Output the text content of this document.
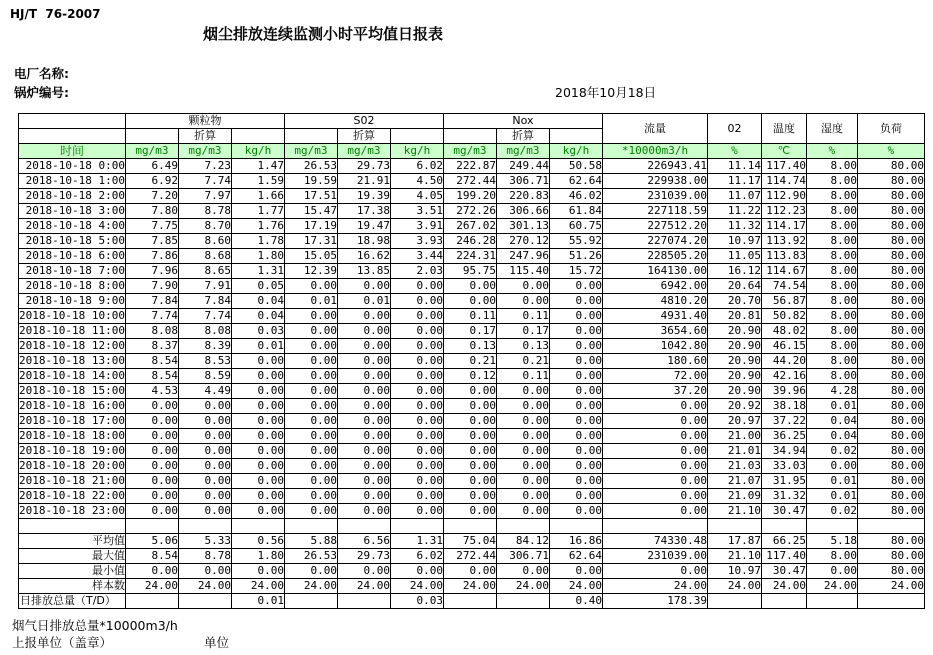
HJ/T  76-2007
烟尘排放连续监测小时平均值日报表
电厂名称:
锅炉编号:	2018年10月18日
	颗粒物			S02			Nox			流量	02	温度	湿度	负荷
		折算			折算			折算						
时间	mg/m3	mg/m3	kg/h	mg/m3	mg/m3	kg/h	mg/m3	mg/m3	kg/h	*10000m3/h	%	℃	%	%
2018-10-18 0:00	6.49	7.23	1.47	26.53	29.73	6.02	222.87	249.44	50.58	226943.41	11.14	117.40	8.00	80.00
2018-10-18 1:00	6.92	7.74	1.59	19.59	21.91	4.50	272.44	306.71	62.64	229938.00	11.17	114.74	8.00	80.00
2018-10-18 2:00	7.20	7.97	1.66	17.51	19.39	4.05	199.20	220.83	46.02	231039.00	11.07	112.90	8.00	80.00
2018-10-18 3:00	7.80	8.78	1.77	15.47	17.38	3.51	272.26	306.66	61.84	227118.59	11.22	112.23	8.00	80.00
2018-10-18 4:00	7.75	8.70	1.76	17.19	19.47	3.91	267.02	301.13	60.75	227512.20	11.32	114.17	8.00	80.00
2018-10-18 5:00	7.85	8.60	1.78	17.31	18.98	3.93	246.28	270.12	55.92	227074.20	10.97	113.92	8.00	80.00
2018-10-18 6:00	7.86	8.68	1.80	15.05	16.62	3.44	224.31	247.96	51.26	228505.20	11.05	113.83	8.00	80.00
2018-10-18 7:00	7.96	8.65	1.31	12.39	13.85	2.03	95.75	115.40	15.72	164130.00	16.12	114.67	8.00	80.00
2018-10-18 8:00	7.90	7.91	0.05	0.00	0.00	0.00	0.00	0.00	0.00	6942.00	20.64	74.54	8.00	80.00
2018-10-18 9:00	7.84	7.84	0.04	0.01	0.01	0.00	0.00	0.00	0.00	4810.20	20.70	56.87	8.00	80.00
2018-10-18 10:00	7.74	7.74	0.04	0.00	0.00	0.00	0.11	0.11	0.00	4931.40	20.81	50.82	8.00	80.00
2018-10-18 11:00	8.08	8.08	0.03	0.00	0.00	0.00	0.17	0.17	0.00	3654.60	20.90	48.02	8.00	80.00
2018-10-18 12:00	8.37	8.39	0.01	0.00	0.00	0.00	0.13	0.13	0.00	1042.80	20.90	46.15	8.00	80.00
2018-10-18 13:00	8.54	8.53	0.00	0.00	0.00	0.00	0.21	0.21	0.00	180.60	20.90	44.20	8.00	80.00
2018-10-18 14:00	8.54	8.59	0.00	0.00	0.00	0.00	0.12	0.11	0.00	72.00	20.90	42.16	8.00	80.00
2018-10-18 15:00	4.53	4.49	0.00	0.00	0.00	0.00	0.00	0.00	0.00	37.20	20.90	39.96	4.28	80.00
2018-10-18 16:00	0.00	0.00	0.00	0.00	0.00	0.00	0.00	0.00	0.00	0.00	20.92	38.18	0.01	80.00
2018-10-18 17:00	0.00	0.00	0.00	0.00	0.00	0.00	0.00	0.00	0.00	0.00	20.97	37.22	0.04	80.00
2018-10-18 18:00	0.00	0.00	0.00	0.00	0.00	0.00	0.00	0.00	0.00	0.00	21.00	36.25	0.04	80.00
2018-10-18 19:00	0.00	0.00	0.00	0.00	0.00	0.00	0.00	0.00	0.00	0.00	21.01	34.94	0.02	80.00
2018-10-18 20:00	0.00	0.00	0.00	0.00	0.00	0.00	0.00	0.00	0.00	0.00	21.03	33.03	0.00	80.00
2018-10-18 21:00	0.00	0.00	0.00	0.00	0.00	0.00	0.00	0.00	0.00	0.00	21.07	31.95	0.01	80.00
2018-10-18 22:00	0.00	0.00	0.00	0.00	0.00	0.00	0.00	0.00	0.00	0.00	21.09	31.32	0.01	80.00
2018-10-18 23:00	0.00	0.00	0.00	0.00	0.00	0.00	0.00	0.00	0.00	0.00	21.10	30.47	0.02	80.00

平均值	5.06	5.33	0.56	5.88	6.56	1.31	75.04	84.12	16.86	74330.48	17.87	66.25	5.18	80.00
最大值	8.54	8.78	1.80	26.53	29.73	6.02	272.44	306.71	62.64	231039.00	21.10	117.40	8.00	80.00
最小值	0.00	0.00	0.00	0.00	0.00	0.00	0.00	0.00	0.00	0.00	10.97	30.47	0.00	80.00
样本数	24.00	24.00	24.00	24.00	24.00	24.00	24.00	24.00	24.00	24.00	24.00	24.00	24.00	24.00
日排放总量（T/D）			0.01			0.03			0.40	178.39				
烟气日排放总量*10000m3/h
上报单位（盖章）	单位
